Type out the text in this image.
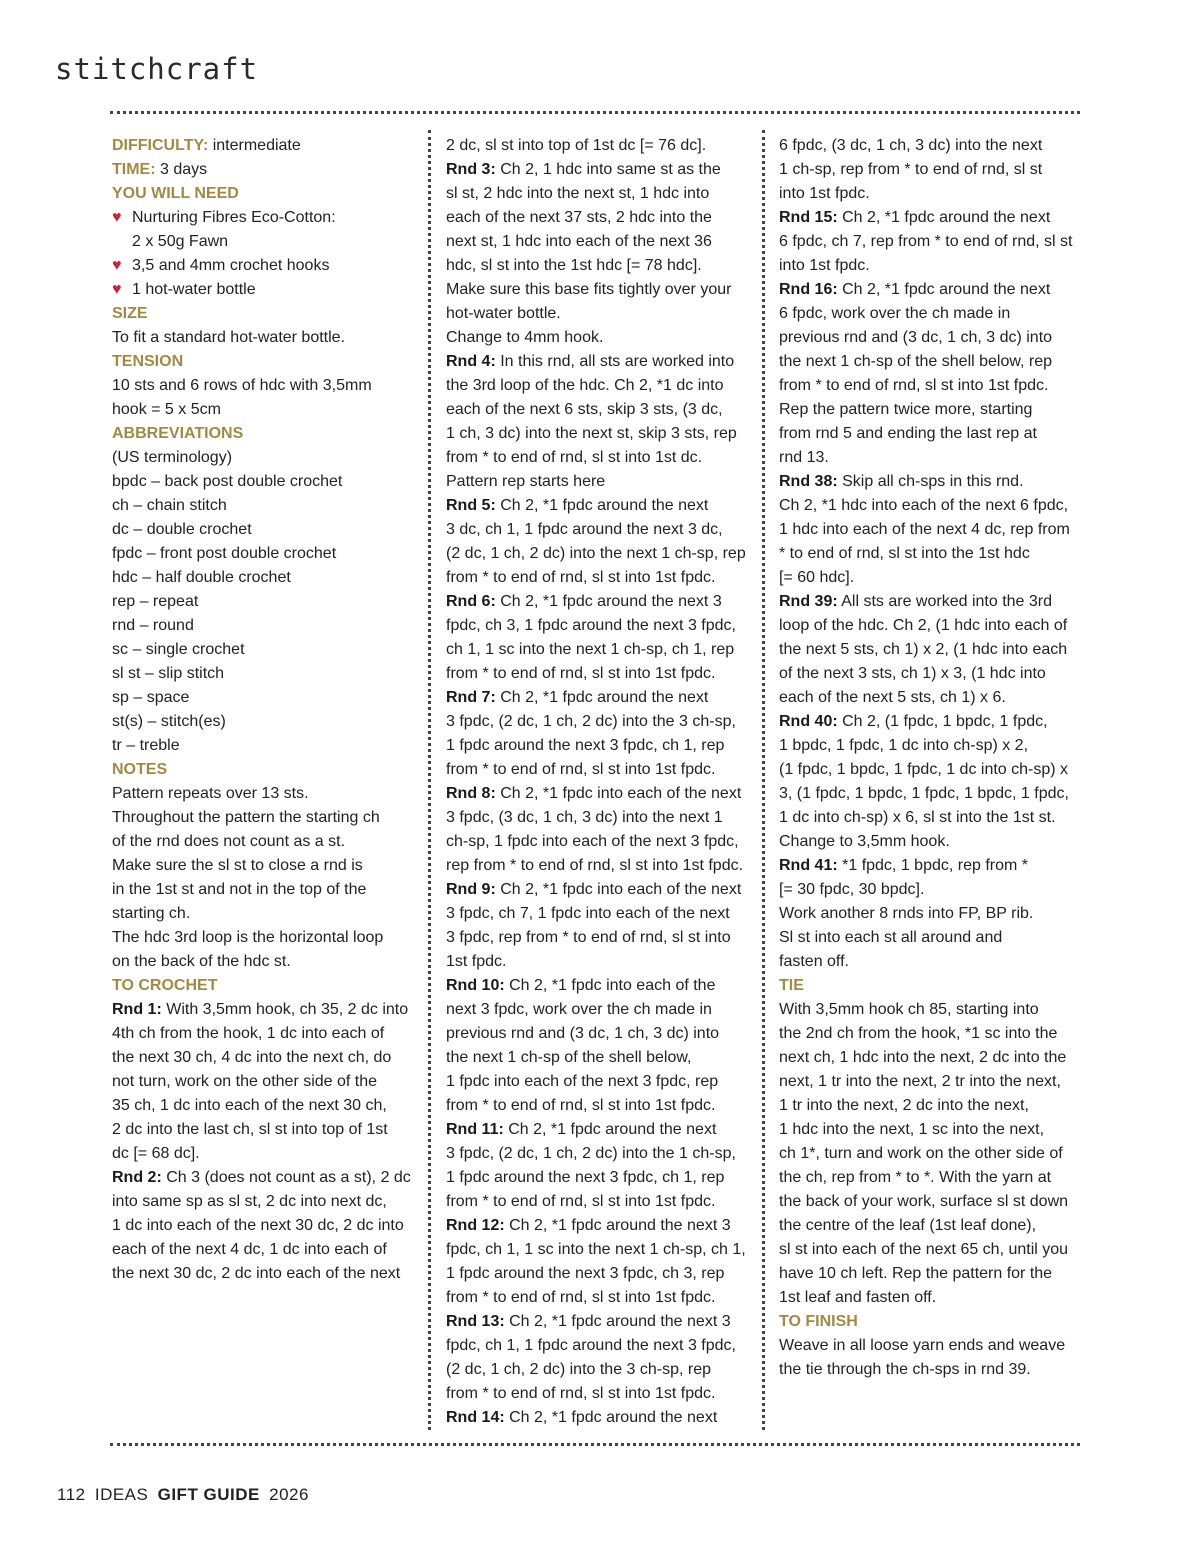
stitchcraft

DIFFICULTY: intermediate

TIME: 3 days

YOU WILL NEED

♥ Nurturing Fibres Eco-Cotton:

2 x 50g Fawn

♥ 3,5 and 4mm crochet hooks

♥ 1 hot-water bottle

SIZE

To fit a standard hot-water bottle.

TENSION

10 sts and 6 rows of hdc with 3,5mm

hook = 5 x 5cm

ABBREVIATIONS

(US terminology)

bpdc – back post double crochet

ch – chain stitch

dc – double crochet

fpdc – front post double crochet

hdc – half double crochet

rep – repeat

rnd – round

sc – single crochet

sl st – slip stitch

sp – space

st(s) – stitch(es)

tr – treble

NOTES

Pattern repeats over 13 sts.

Throughout the pattern the starting ch

of the rnd does not count as a st.

Make sure the sl st to close a rnd is

in the 1st st and not in the top of the

starting ch.

The hdc 3rd loop is the horizontal loop

on the back of the hdc st.

TO CROCHET

Rnd 1: With 3,5mm hook, ch 35, 2 dc into

4th ch from the hook, 1 dc into each of

the next 30 ch, 4 dc into the next ch, do

not turn, work on the other side of the

35 ch, 1 dc into each of the next 30 ch,

2 dc into the last ch, sl st into top of 1st

dc [= 68 dc].

Rnd 2: Ch 3 (does not count as a st), 2 dc

into same sp as sl st, 2 dc into next dc,

1 dc into each of the next 30 dc, 2 dc into

each of the next 4 dc, 1 dc into each of

the next 30 dc, 2 dc into each of the next

2 dc, sl st into top of 1st dc [= 76 dc].

Rnd 3: Ch 2, 1 hdc into same st as the

sl st, 2 hdc into the next st, 1 hdc into

each of the next 37 sts, 2 hdc into the

next st, 1 hdc into each of the next 36

hdc, sl st into the 1st hdc [= 78 hdc].

Make sure this base fits tightly over your

hot-water bottle.

Change to 4mm hook.

Rnd 4: In this rnd, all sts are worked into

the 3rd loop of the hdc. Ch 2, *1 dc into

each of the next 6 sts, skip 3 sts, (3 dc,

1 ch, 3 dc) into the next st, skip 3 sts, rep

from * to end of rnd, sl st into 1st dc.

Pattern rep starts here

Rnd 5: Ch 2, *1 fpdc around the next

3 dc, ch 1, 1 fpdc around the next 3 dc,

(2 dc, 1 ch, 2 dc) into the next 1 ch-sp, rep

from * to end of rnd, sl st into 1st fpdc.

Rnd 6: Ch 2, *1 fpdc around the next 3

fpdc, ch 3, 1 fpdc around the next 3 fpdc,

ch 1, 1 sc into the next 1 ch-sp, ch 1, rep

from * to end of rnd, sl st into 1st fpdc.

Rnd 7: Ch 2, *1 fpdc around the next

3 fpdc, (2 dc, 1 ch, 2 dc) into the 3 ch-sp,

1 fpdc around the next 3 fpdc, ch 1, rep

from * to end of rnd, sl st into 1st fpdc.

Rnd 8: Ch 2, *1 fpdc into each of the next

3 fpdc, (3 dc, 1 ch, 3 dc) into the next 1

ch-sp, 1 fpdc into each of the next 3 fpdc,

rep from * to end of rnd, sl st into 1st fpdc.

Rnd 9: Ch 2, *1 fpdc into each of the next

3 fpdc, ch 7, 1 fpdc into each of the next

3 fpdc, rep from * to end of rnd, sl st into

1st fpdc.

Rnd 10: Ch 2, *1 fpdc into each of the

next 3 fpdc, work over the ch made in

previous rnd and (3 dc, 1 ch, 3 dc) into

the next 1 ch-sp of the shell below,

1 fpdc into each of the next 3 fpdc, rep

from * to end of rnd, sl st into 1st fpdc.

Rnd 11: Ch 2, *1 fpdc around the next

3 fpdc, (2 dc, 1 ch, 2 dc) into the 1 ch-sp,

1 fpdc around the next 3 fpdc, ch 1, rep

from * to end of rnd, sl st into 1st fpdc.

Rnd 12: Ch 2, *1 fpdc around the next 3

fpdc, ch 1, 1 sc into the next 1 ch-sp, ch 1,

1 fpdc around the next 3 fpdc, ch 3, rep

from * to end of rnd, sl st into 1st fpdc.

Rnd 13: Ch 2, *1 fpdc around the next 3

fpdc, ch 1, 1 fpdc around the next 3 fpdc,

(2 dc, 1 ch, 2 dc) into the 3 ch-sp, rep

from * to end of rnd, sl st into 1st fpdc.

Rnd 14: Ch 2, *1 fpdc around the next

6 fpdc, (3 dc, 1 ch, 3 dc) into the next

1 ch-sp, rep from * to end of rnd, sl st

into 1st fpdc.

Rnd 15: Ch 2, *1 fpdc around the next

6 fpdc, ch 7, rep from * to end of rnd, sl st

into 1st fpdc.

Rnd 16: Ch 2, *1 fpdc around the next

6 fpdc, work over the ch made in

previous rnd and (3 dc, 1 ch, 3 dc) into

the next 1 ch-sp of the shell below, rep

from * to end of rnd, sl st into 1st fpdc.

Rep the pattern twice more, starting

from rnd 5 and ending the last rep at

rnd 13.

Rnd 38: Skip all ch-sps in this rnd.

Ch 2, *1 hdc into each of the next 6 fpdc,

1 hdc into each of the next 4 dc, rep from

* to end of rnd, sl st into the 1st hdc

[= 60 hdc].

Rnd 39: All sts are worked into the 3rd

loop of the hdc. Ch 2, (1 hdc into each of

the next 5 sts, ch 1) x 2, (1 hdc into each

of the next 3 sts, ch 1) x 3, (1 hdc into

each of the next 5 sts, ch 1) x 6.

Rnd 40: Ch 2, (1 fpdc, 1 bpdc, 1 fpdc,

1 bpdc, 1 fpdc, 1 dc into ch-sp) x 2,

(1 fpdc, 1 bpdc, 1 fpdc, 1 dc into ch-sp) x

3, (1 fpdc, 1 bpdc, 1 fpdc, 1 bpdc, 1 fpdc,

1 dc into ch-sp) x 6, sl st into the 1st st.

Change to 3,5mm hook.

Rnd 41: *1 fpdc, 1 bpdc, rep from *

[= 30 fpdc, 30 bpdc].

Work another 8 rnds into FP, BP rib.

Sl st into each st all around and

fasten off.

TIE

With 3,5mm hook ch 85, starting into

the 2nd ch from the hook, *1 sc into the

next ch, 1 hdc into the next, 2 dc into the

next, 1 tr into the next, 2 tr into the next,

1 tr into the next, 2 dc into the next,

1 hdc into the next, 1 sc into the next,

ch 1*, turn and work on the other side of

the ch, rep from * to *. With the yarn at

the back of your work, surface sl st down

the centre of the leaf (1st leaf done),

sl st into each of the next 65 ch, until you

have 10 ch left. Rep the pattern for the

1st leaf and fasten off.

TO FINISH

Weave in all loose yarn ends and weave

the tie through the ch-sps in rnd 39.

112 IDEAS GIFT GUIDE 2026
